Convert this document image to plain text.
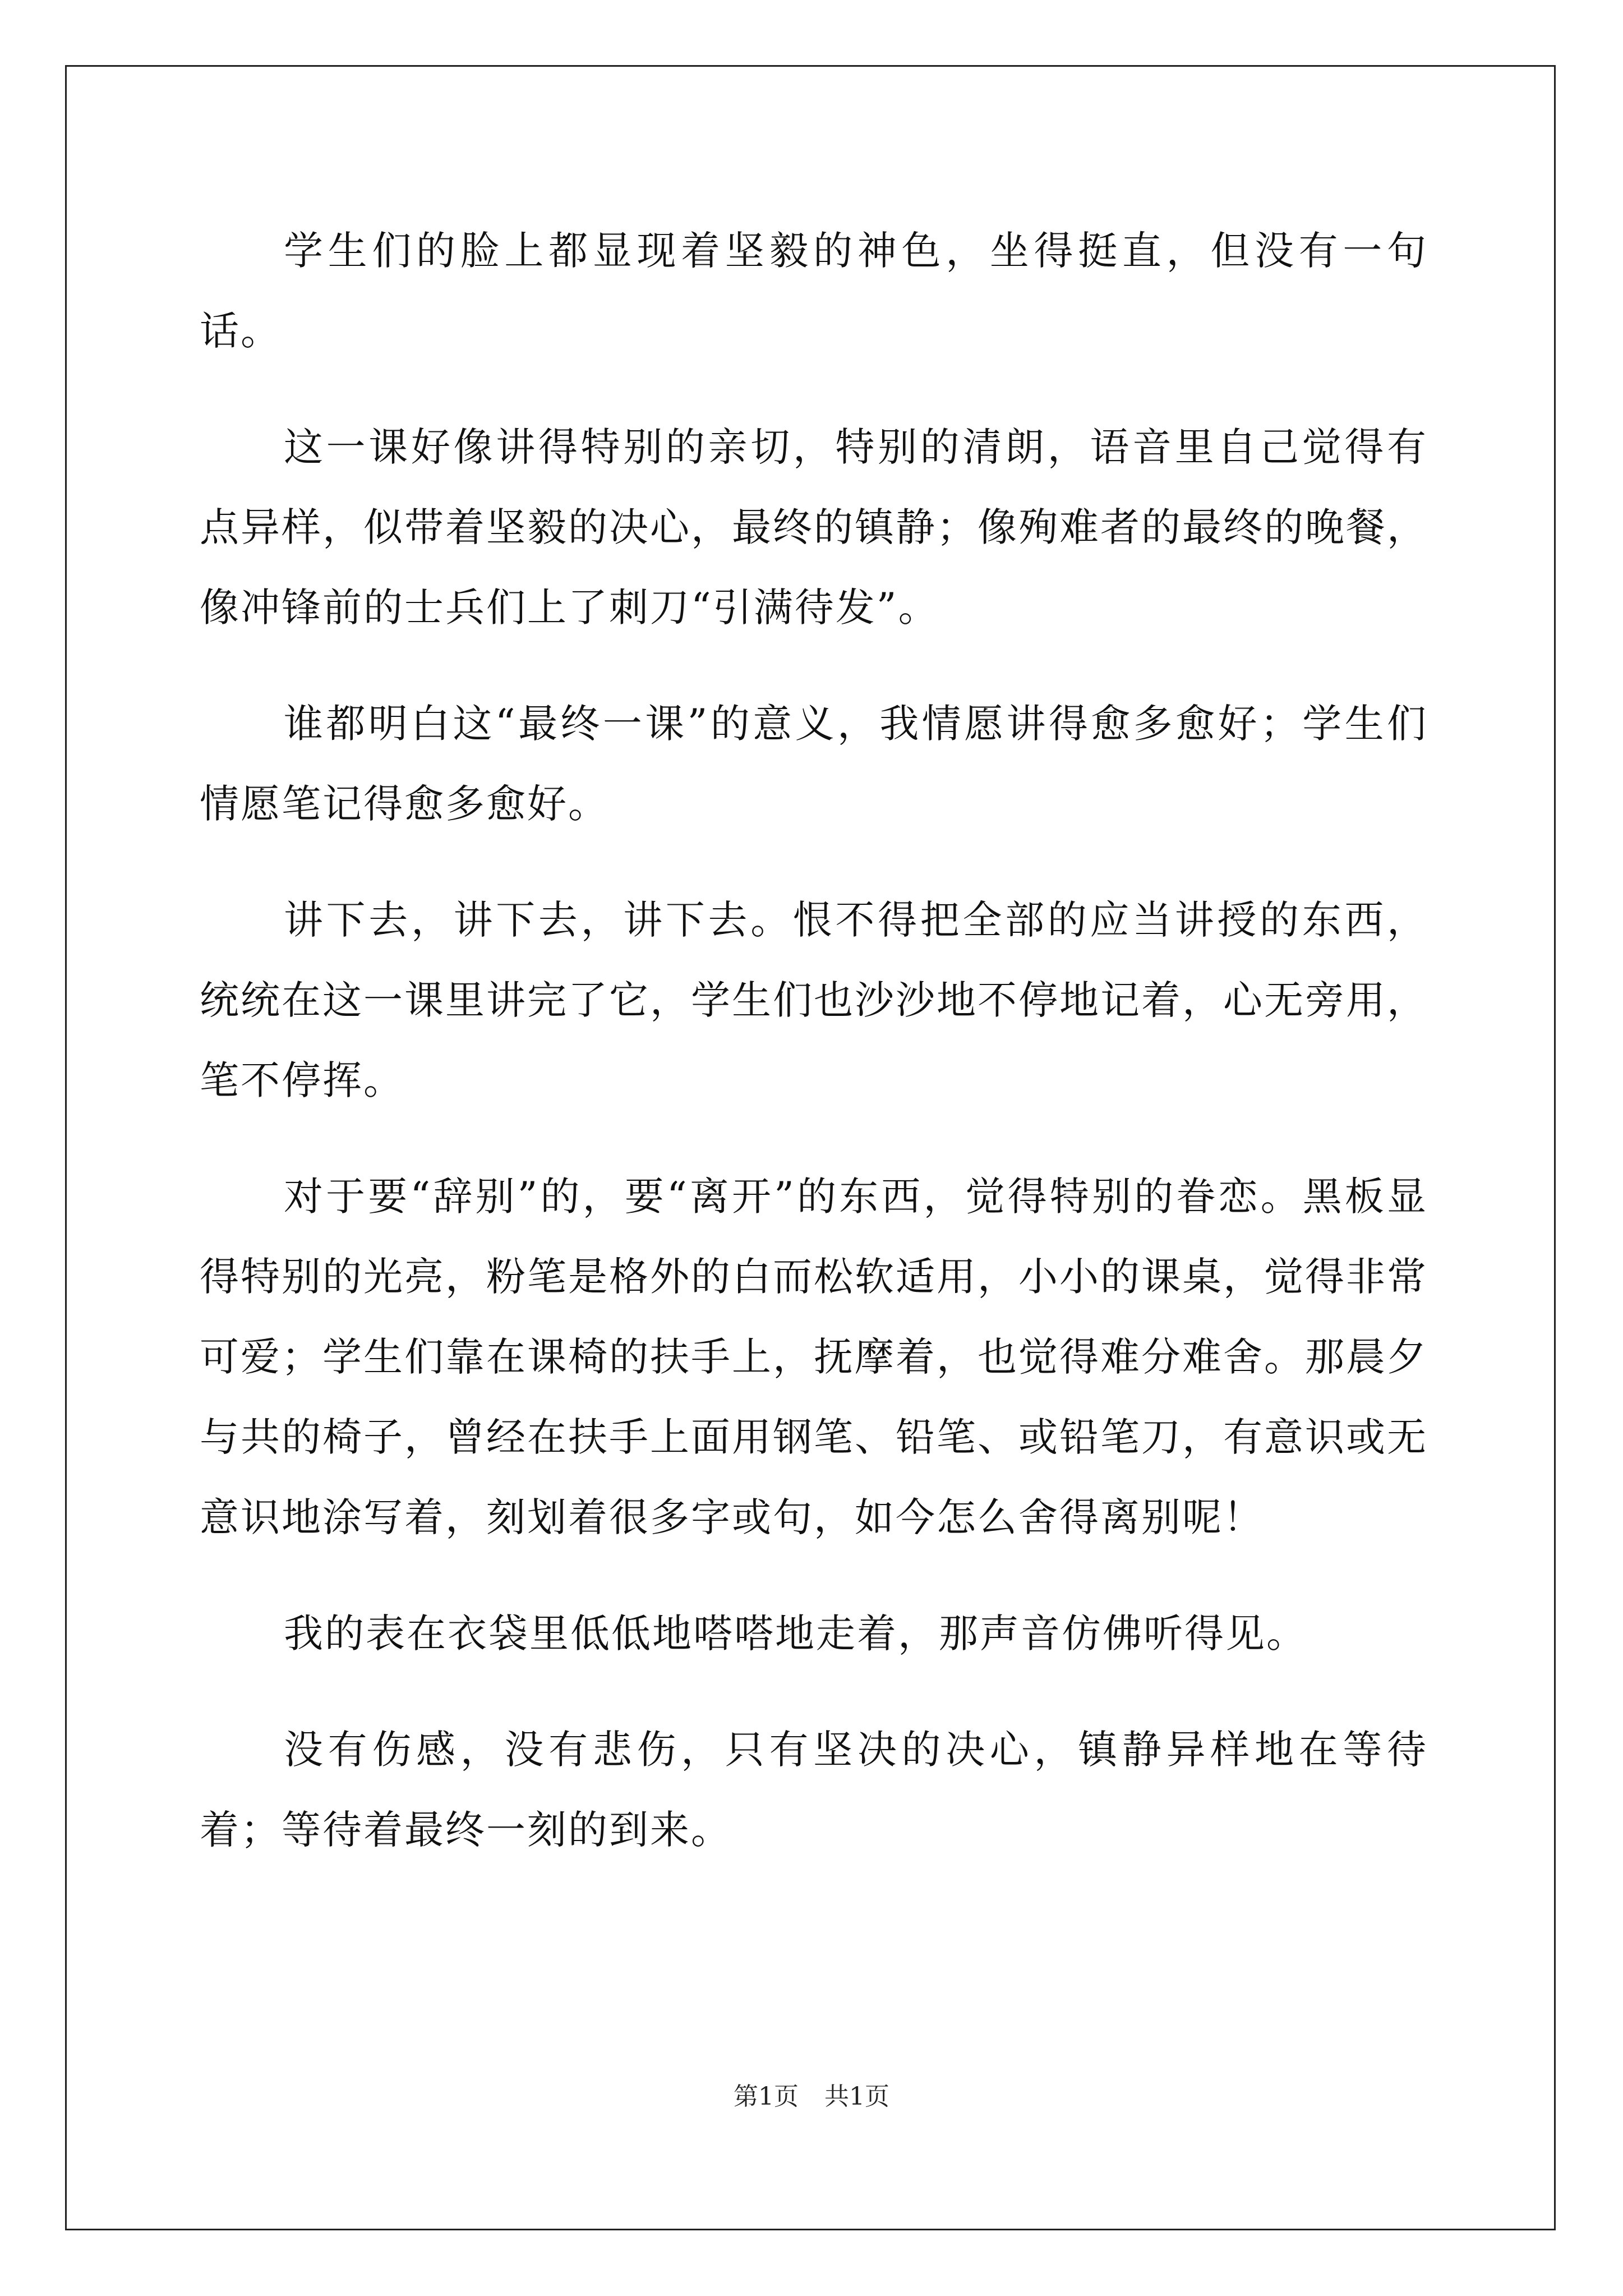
学生们的脸上都显现着坚毅的神色，坐得挺直，但没有一句话。

这一课好像讲得特别的亲切，特别的清朗，语音里自己觉得有点异样，似带着坚毅的决心，最终的镇静；像殉难者的最终的晚餐，像冲锋前的士兵们上了刺刀“引满待发”。

谁都明白这“最终一课”的意义，我情愿讲得愈多愈好；学生们情愿笔记得愈多愈好。

讲下去，讲下去，讲下去。恨不得把全部的应当讲授的东西，统统在这一课里讲完了它，学生们也沙沙地不停地记着，心无旁用，笔不停挥。

对于要“辞别”的，要“离开”的东西，觉得特别的眷恋。黑板显得特别的光亮，粉笔是格外的白而松软适用，小小的课桌，觉得非常可爱；学生们靠在课椅的扶手上，抚摩着，也觉得难分难舍。那晨夕与共的椅子，曾经在扶手上面用钢笔、铅笔、或铅笔刀，有意识或无意识地涂写着，刻划着很多字或句，如今怎么舍得离别呢！

我的表在衣袋里低低地嗒嗒地走着，那声音仿佛听得见。

没有伤感，没有悲伤，只有坚决的决心，镇静异样地在等待着；等待着最终一刻的到来。

第1页 共1页
